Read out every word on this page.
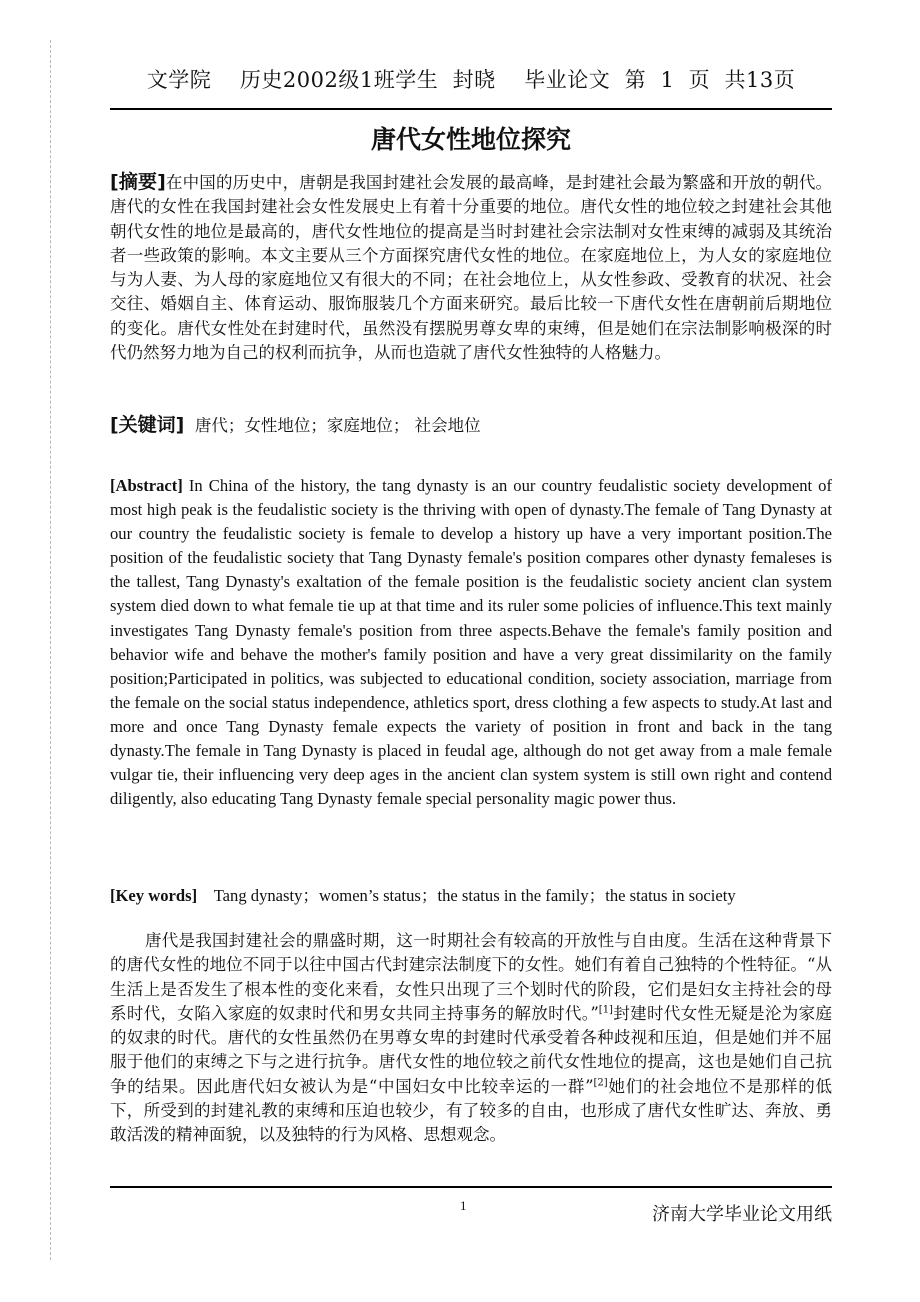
文学院    历史2002级1班学生  封晓    毕业论文  第  1  页  共13页
唐代女性地位探究

[摘要]在中国的历史中，唐朝是我国封建社会发展的最高峰，是封建社会最为繁盛和开放的朝代。唐代的女性在我国封建社会女性发展史上有着十分重要的地位。唐代女性的地位较之封建社会其他朝代女性的地位是最高的，唐代女性地位的提高是当时封建社会宗法制对女性束缚的减弱及其统治者一些政策的影响。本文主要从三个方面探究唐代女性的地位。在家庭地位上，为人女的家庭地位与为人妻、为人母的家庭地位又有很大的不同；在社会地位上，从女性参政、受教育的状况、社会交往、婚姻自主、体育运动、服饰服装几个方面来研究。最后比较一下唐代女性在唐朝前后期地位的变化。唐代女性处在封建时代，虽然没有摆脱男尊女卑的束缚，但是她们在宗法制影响极深的时代仍然努力地为自己的权利而抗争，从而也造就了唐代女性独特的人格魅力。

[关键词] 唐代；女性地位；家庭地位； 社会地位

[Abstract] In China of the history, the tang dynasty is an our country feudalistic society development of most high peak is the feudalistic society is the thriving with open of dynasty.The female of Tang Dynasty at our country the feudalistic society is female to develop a history up have a very important position.The position of the feudalistic society that Tang Dynasty female's position compares other dynasty femaleses is the tallest, Tang Dynasty's exaltation of the female position is the feudalistic society ancient clan system system died down to what female tie up at that time and its ruler some policies of influence.This text mainly investigates Tang Dynasty female's position from three aspects.Behave the female's family position and behavior wife and behave the mother's family position and have a very great dissimilarity on the family position;Participated in politics, was subjected to educational condition, society association, marriage from the female on the social status independence, athletics sport, dress clothing a few aspects to study.At last and more and once Tang Dynasty female expects the variety of position in front and back in the tang dynasty.The female in Tang Dynasty is placed in feudal age, although do not get away from a male female vulgar tie, their influencing very deep ages in the ancient clan system system is still own right and contend diligently, also educating Tang Dynasty female special personality magic power thus.

[Key words] Tang dynasty；women’s status；the status in the family；the status in society

唐代是我国封建社会的鼎盛时期，这一时期社会有较高的开放性与自由度。生活在这种背景下的唐代女性的地位不同于以往中国古代封建宗法制度下的女性。她们有着自己独特的个性特征。“从生活上是否发生了根本性的变化来看，女性只出现了三个划时代的阶段，它们是妇女主持社会的母系时代，女陷入家庭的奴隶时代和男女共同主持事务的解放时代。”[1]封建时代女性无疑是沦为家庭的奴隶的时代。唐代的女性虽然仍在男尊女卑的封建时代承受着各种歧视和压迫，但是她们并不屈服于他们的束缚之下与之进行抗争。唐代女性的地位较之前代女性地位的提高，这也是她们自己抗争的结果。因此唐代妇女被认为是“中国妇女中比较幸运的一群”[2]她们的社会地位不是那样的低下，所受到的封建礼教的束缚和压迫也较少，有了较多的自由，也形成了唐代女性旷达、奔放、勇敢活泼的精神面貌，以及独特的行为风格、思想观念。

1	济南大学毕业论文用纸
